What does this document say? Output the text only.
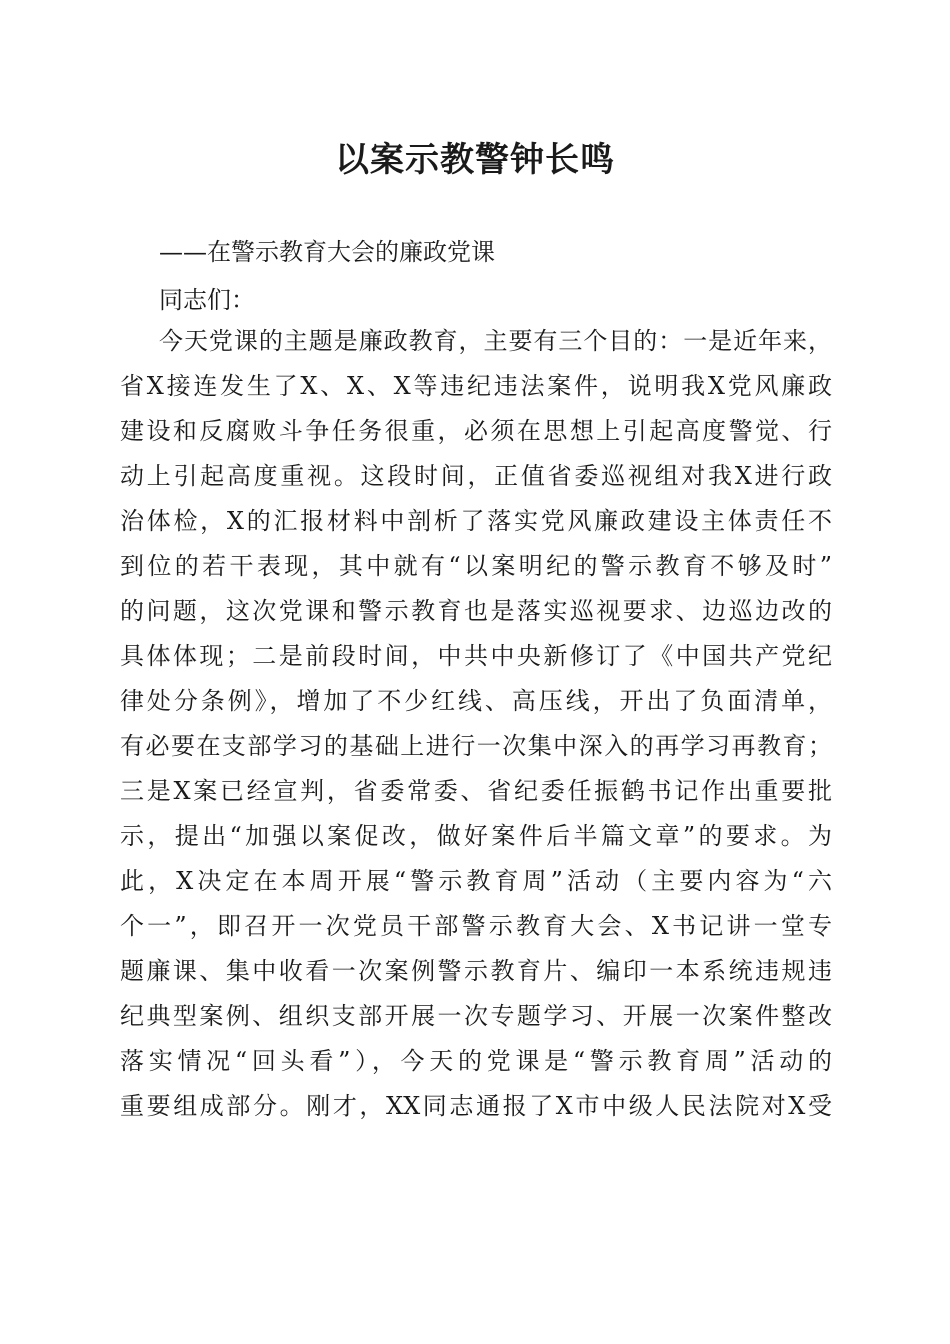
以案示教警钟长鸣

——在警示教育大会的廉政党课

同志们：

今天党课的主题是廉政教育，主要有三个目的：一是近年来，

省X接连发生了X、X、X等违纪违法案件，说明我X党风廉政

建设和反腐败斗争任务很重，必须在思想上引起高度警觉、行

动上引起高度重视。这段时间，正值省委巡视组对我X进行政

治体检，X的汇报材料中剖析了落实党风廉政建设主体责任不

到位的若干表现，其中就有“以案明纪的警示教育不够及时”

的问题，这次党课和警示教育也是落实巡视要求、边巡边改的

具体体现；二是前段时间，中共中央新修订了《中国共产党纪

律处分条例》，增加了不少红线、高压线，开出了负面清单，

有必要在支部学习的基础上进行一次集中深入的再学习再教育；

三是X案已经宣判，省委常委、省纪委任振鹤书记作出重要批

示，提出“加强以案促改，做好案件后半篇文章”的要求。为

此，X决定在本周开展“警示教育周”活动（主要内容为“六

个一”，即召开一次党员干部警示教育大会、X书记讲一堂专

题廉课、集中收看一次案例警示教育片、编印一本系统违规违

纪典型案例、组织支部开展一次专题学习、开展一次案件整改

落实情况“回头看”），今天的党课是“警示教育周”活动的

重要组成部分。刚才，XX同志通报了X市中级人民法院对X受
